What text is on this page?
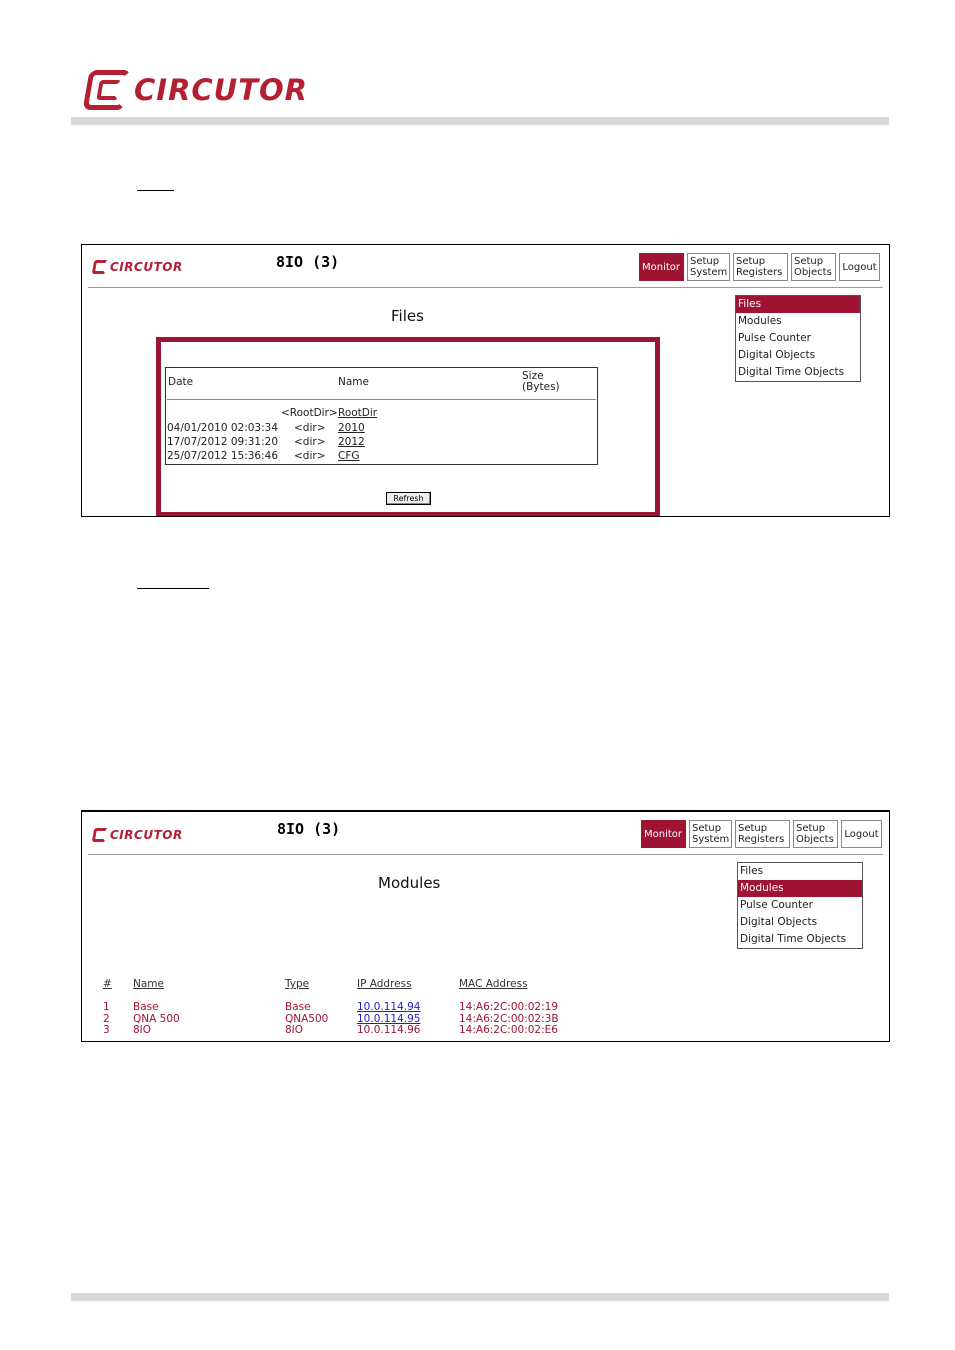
CIRCUTOR
CIRCUTOR	8IO (3)	Monitor Setup System
Setup Registers
Setup Objects	Logout
Files
Modules
Pulse Counter
Digital Objects
Digital Time Objects
Files
Date	Name	Size
(Bytes)
<RootDir> RootDir
04/01/2010 02:03:34 <dir> 2010
17/07/2012 09:31:20 <dir> 2012
25/07/2012 15:36:46 <dir> CFG
Refresh
CIRCUTOR	8IO (3)	Monitor Setup System
Setup Registers
Setup Objects	Logout
Files
Modules
Pulse Counter
Digital Objects
Digital Time Objects
Modules
# Name	Type	IP Address	MAC Address
1 Base	Base	10.0.114.94	14:A6:2C:00:02:19
2 QNA 500	QNA500	10.0.114.95	14:A6:2C:00:02:3B
3 8IO	8IO	10.0.114.96	14:A6:2C:00:02:E6
